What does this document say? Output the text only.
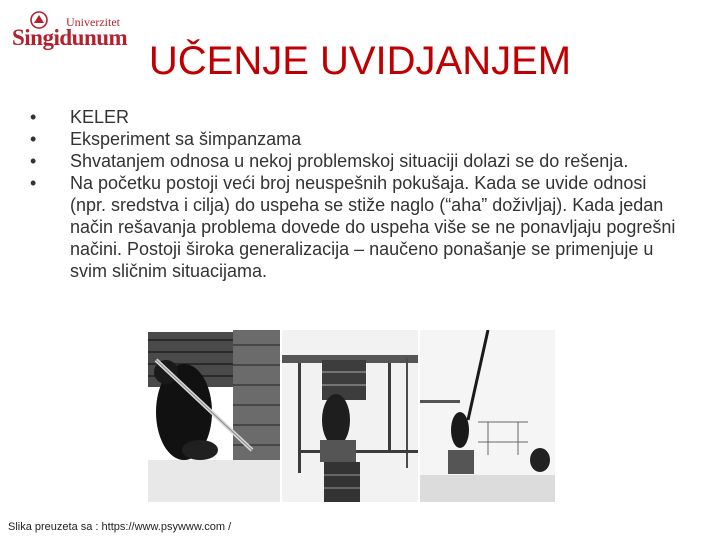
Univerzitet
Singidunum
UČENJE UVIDJANJEM
• KELER
• Eksperiment sa šimpanzama
• Shvatanjem odnosa u nekoj problemskoj situaciji dolazi se do rešenja.
• Na početku postoji veći broj neuspešnih pokušaja. Kada se uvide odnosi (npr. sredstva i cilja) do uspeha se stiže naglo (“aha” doživljaj). Kada jedan način rešavanja problema dovede do uspeha više se ne ponavljaju pogrešni načini. Postoji široka generalizacija – naučeno ponašanje se primenjuje u svim sličnim situacijama.
Slika preuzeta sa : https://www.psywww.com /
